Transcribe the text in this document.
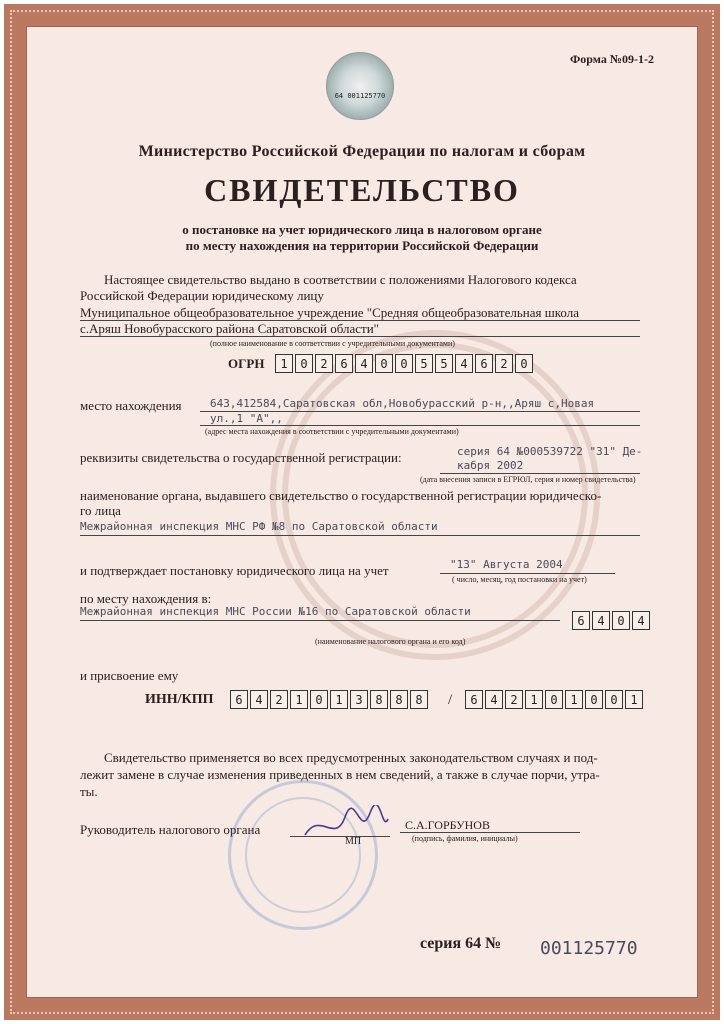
64 001125770
Форма №09-1-2
Министерство Российской Федерации по налогам и сборам
СВИДЕТЕЛЬСТВО
о постановке на учет юридического лица в налоговом органе
по месту нахождения на территории Российской Федерации
Настоящее свидетельство выдано в соответствии с положениями Налогового кодекса
Российской Федерации юридическому лицу
Муниципальное общеобразовательное учреждение "Средняя общеобразовательная школа
с.Аряш Новобурасского района Саратовской области"
(полное наименование в соответствии с учредительными документами)
ОГРН	1	0	2	6	4	0	0	5	5	4	6	2	0
место нахождения	643,412584,Саратовская обл,Новобурасский р-н,,Аряш с,Новая
ул.,1 "А",,
(адрес места нахождения в соответствии с учредительными документами)
реквизиты свидетельства о государственной регистрации:	серия 64 №000539722 "31" Де-
кабря 2002
(дата внесения записи в ЕГРЮЛ, серия и номер свидетельства)
наименование органа, выдавшего свидетельство о государственной регистрации юридическо-
го лица
Межрайонная инспекция МНС РФ №8 по Саратовской области
и подтверждает постановку юридического лица на учет	"13" Августа 2004
( число, месяц, год постановки на учет)
по месту нахождения в:
Межрайонная инспекция МНС России №16 по Саратовской области
6	4	0	4
(наименование налогового органа и его код)
и присвоение ему
ИНН/КПП	6	4	2	1	0	1	3	8	8	8	/	6	4	2	1	0	1	0	0	1
Свидетельство применяется во всех предусмотренных законодательством случаях и под-
лежит замене в случае изменения приведенных в нем сведений, а также в случае порчи, утра-
ты.
Руководитель налогового органа
МП
С.А.ГОРБУНОВ
(подпись, фамилия, инициалы)
серия 64 № 001125770
